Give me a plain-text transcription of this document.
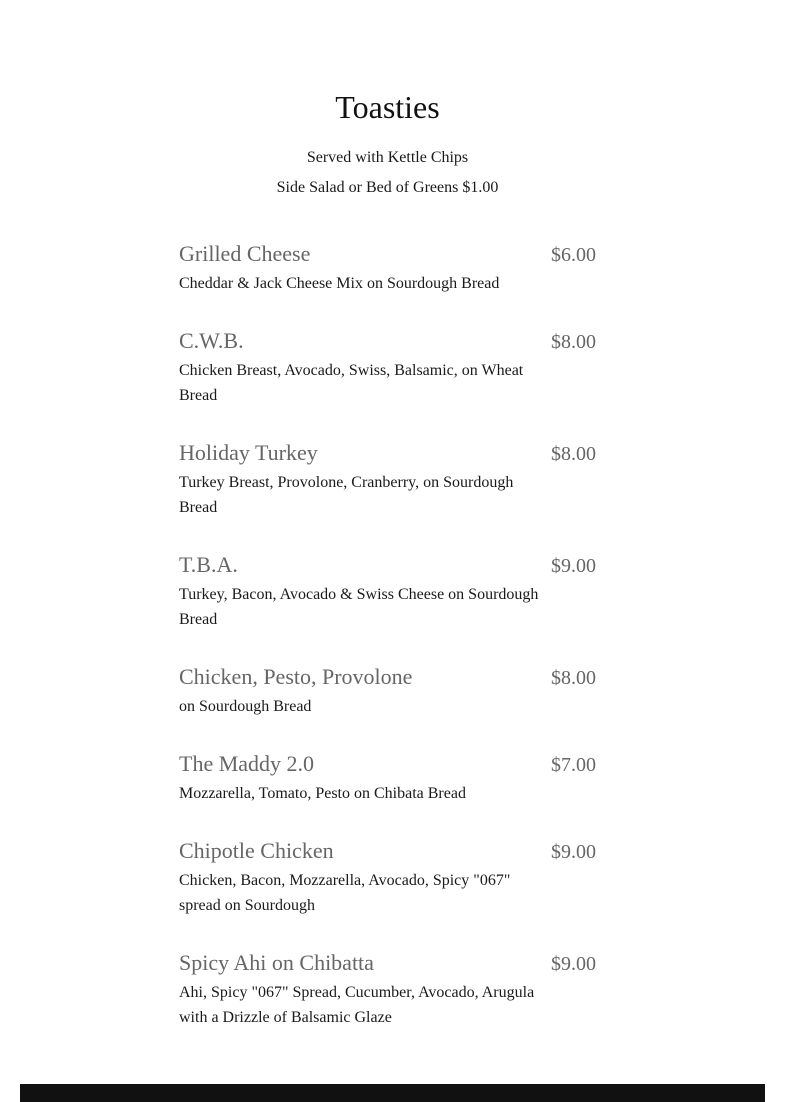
Toasties
Served with Kettle Chips
Side Salad or Bed of Greens $1.00
Grilled Cheese	$6.00
Cheddar & Jack Cheese Mix on Sourdough Bread
C.W.B.	$8.00
Chicken Breast, Avocado, Swiss, Balsamic, on Wheat Bread
Holiday Turkey	$8.00
Turkey Breast, Provolone, Cranberry, on Sourdough Bread
T.B.A.	$9.00
Turkey, Bacon, Avocado & Swiss Cheese on Sourdough Bread
Chicken, Pesto, Provolone	$8.00
on Sourdough Bread
The Maddy 2.0	$7.00
Mozzarella, Tomato, Pesto on Chibata Bread
Chipotle Chicken	$9.00
Chicken, Bacon, Mozzarella, Avocado, Spicy "067" spread on Sourdough
Spicy Ahi on Chibatta	$9.00
Ahi, Spicy "067" Spread, Cucumber, Avocado, Arugula with a Drizzle of Balsamic Glaze
